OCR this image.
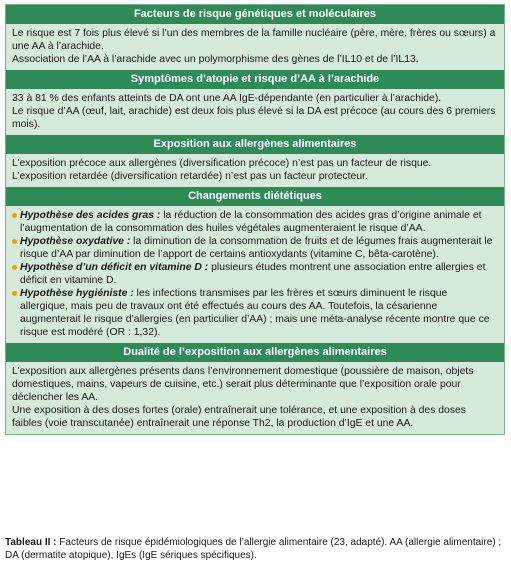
Facteurs de risque génétiques et moléculaires

Le risque est 7 fois plus élevé si l’un des membres de la famille nucléaire (père, mère, frères ou sœurs) a une AA à l’arachide.

Association de l’AA à l’arachide avec un polymorphisme des gènes de l’IL10 et de l’IL13.

Symptômes d’atopie et risque d’AA à l’arachide

33 à 81 % des enfants atteints de DA ont une AA IgE-dépendante (en particulier à l’arachide).

Le risque d’AA (œuf, lait, arachide) est deux fois plus élevé si la DA est précoce (au cours des 6 premiers mois).

Exposition aux allergènes alimentaires

L’exposition précoce aux allergènes (diversification précoce) n’est pas un facteur de risque.

L’exposition retardée (diversification retardée) n’est pas un facteur protecteur.

Changements diététiques

Hypothèse des acides gras : la réduction de la consommation des acides gras d’origine animale et l’augmentation de la consommation des huiles végétales augmenteraient le risque d’AA.

Hypothèse oxydative : la diminution de la consommation de fruits et de légumes frais augmenterait le risque d’AA par diminution de l’apport de certains antioxydants (vitamine C, bêta-carotène).

Hypothèse d’un déficit en vitamine D : plusieurs études montrent une association entre allergies et déficit en vitamine D.

Hypothèse hygiéniste : les infections transmises par les frères et sœurs diminuent le risque allergique, mais peu de travaux ont été effectués au cours des AA. Toutefois, la césarienne augmenterait le risque d’allergies (en particulier d’AA) ; mais une méta-analyse récente montre que ce risque est modéré (OR : 1,32).

Dualité de l’exposition aux allergènes alimentaires

L’exposition aux allergènes présents dans l’environnement domestique (poussière de maison, objets domestiques, mains, vapeurs de cuisine, etc.) serait plus déterminante que l’exposition orale pour déclencher les AA.

Une exposition à des doses fortes (orale) entraînerait une tolérance, et une exposition à des doses faibles (voie transcutanée) entraînerait une réponse Th2, la production d’IgE et une AA.

Tableau II : Facteurs de risque épidémiologiques de l’allergie alimentaire (23, adapté). AA (allergie alimentaire) ; DA (dermatite atopique), IgEs (IgE sériques spécifiques).
